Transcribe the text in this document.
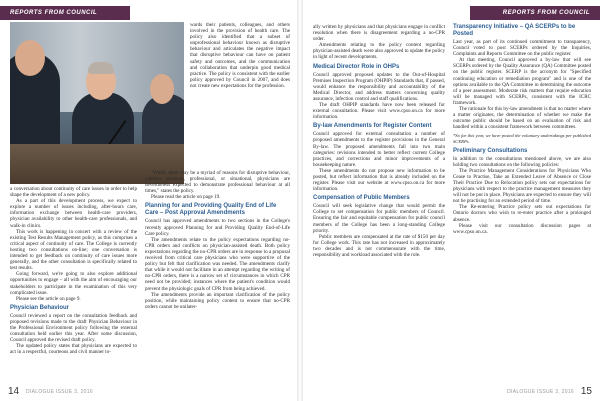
REPORTS FROM COUNCIL

a conversation about continuity of care issues in order to help shape the development of a new policy.

As a part of this development process, we expect to explore a number of issues including, after-hours care, information exchange between health-care providers, physician availability to other health-care professionals, and walk-in clinics.

This work is happening in concert with a review of the existing Test Results Management policy, as this comprises a critical aspect of continuity of care. The College is currently hosting two consultations on-line; one conversation is intended to get feedback on continuity of care issues more generally, and the other consultation is specifically related to test results.

Going forward, we're going to also explore additional opportunities to engage – all with the aim of encouraging our stakeholders to participate in the examination of this very complicated issue.

Please see the article on page 9.

Physician Behaviour

Council reviewed a report on the consultation feedback and proposed revisions made to the draft Physician Behaviour in the Professional Environment policy following the external consultation held earlier this year. After some discussion, Council approved the revised draft policy.

The updated policy states that physicians are expected to act in a respectful, courteous and civil manner to-

wards their patients, colleagues, and others involved in the provision of health care. The policy also identified that a subset of unprofessional behaviour known as disruptive behaviour and articulates the negative impact that disruptive behaviour can have on patient safety and outcomes, and the communication and collaboration that underpin good medical practice. The policy is consistent with the earlier policy approved by Council in 2007, and does not create new expectations for the profession.

"While, there may be a myriad of reasons for disruptive behaviour, whether personal, professional, or situational, physicians are nevertheless expected to demonstrate professional behaviour at all times," states the policy.

Please read the article on page 19.

Planning for and Providing Quality End of Life Care – Post Approval Amendments

Council has approved amendments to two sections in the College's recently approved Planning for and Providing Quality End-of-Life Care policy.

The amendments relate to the policy expectations regarding no-CPR orders and conflicts on physician-assisted death. Both policy expectations regarding the no-CPR orders are in response to a proposal received from critical care physicians who were supportive of the policy but felt that clarification was needed. The amendments clarify that while it would not facilitate in an attempt regarding the writing of no-CPR orders, there is a narrow set of circumstances in which CPR need not be provided; instances where the patient's condition would prevent the physiologic goals of CPR from being achieved.

The amendments provide an important clarification of the policy position, while maintaining policy content to ensure that no-CPR orders cannot be unilater-

14 DIALOGUE ISSUE 3, 2016
REPORTS FROM COUNCIL

ally written by physicians and that physicians engage in conflict resolution when there is disagreement regarding a no-CPR order.

Amendments relating to the policy content regarding physician-assisted death were also approved to update the policy in light of recent developments.

Medical Director Role in OHPs

Council approved proposed updates to the Out-of-Hospital Premises Inspection Program (OHPIP) Standards that, if passed, would enhance the responsibility and accountability of the Medical Director, and address matters concerning quality assurance, infection control and staff qualifications.

The draft OHPIP standards have now been released for external consultation. Please visit www.cpso.on.ca for more information.

By-law Amendments for Register Content

Council approved for external consultation a number of proposed amendments to the register provisions in the General By-law. The proposed amendments fall into two main categories: revisions intended to better reflect current College practices, and corrections and minor improvements of a housekeeping nature.

These amendments do not propose new information to be posted, but reflect information that is already included on the register. Please visit our website at www.cpso.on.ca for more information.

Compensation of Public Members

Council will seek legislative change that would permit the College to set compensation for public members of Council. Ensuring the fair and equitable compensation for public council members of the College has been a long-standing College priority.

Public members are compensated at the rate of $150 per day for College work. This rate has not increased in approximately two decades and is not commensurate with the time, responsibility and workload associated with the role.

Transparency Initiative – QA SCERPs to be Posted

Last year, as part of its continued commitment to transparency, Council voted to post SCERPs ordered by the Inquiries, Complaints and Reports Committee on the public register.

At that meeting, Council approved a by-law that will see SCERPs ordered by the Quality Assurance (QA) Committee posted on the public register. SCERP is the acronym for "Specified continuing education or remediation program" and is one of the options available to the QA Committee in determining the outcome of a peer assessment. Moderate risk matters that require education will be managed with SCERPs, consistent with the ICRC framework.

The rationale for this by-law amendment is that no matter where a matter originates, the determination of whether we make the outcome public should be based on an evaluation of risk and handled within a consistent framework between committees.

*So far this year, we have posted the voluntary undertakings per published SCERPs.

Preliminary Consultations

In addition to the consultations mentioned above, we are also holding two consultations on the following policies:

The Practice Management Considerations for Physicians Who Cease to Practise, Take an Extended Leave of Absence or Close Their Practice Due to Relocation policy sets out expectations for physicians with respect to the practice management measures they will not be put in place. Physicians are expected to ensure they will not be practising for an extended period of time.

The Re-entering Practice policy sets out expectations for Ontario doctors who wish to re-enter practice after a prolonged absence.

Please visit our consultation discussion pages at www.cpso.on.ca.

DIALOGUE ISSUE 3, 2016 15
